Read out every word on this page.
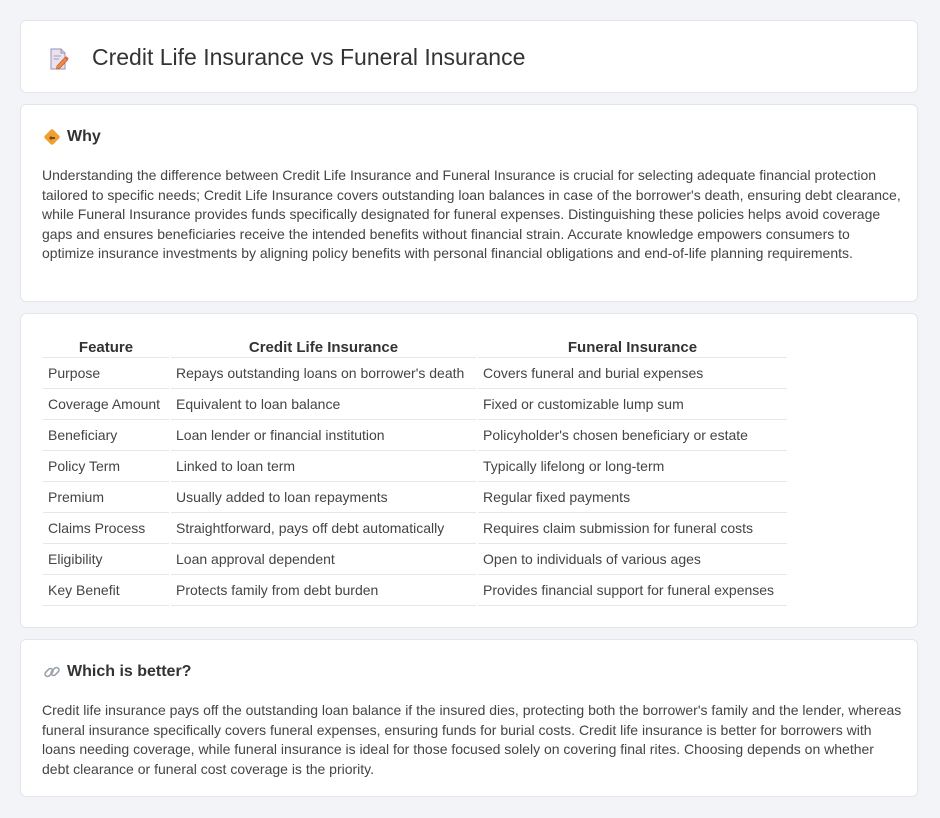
Credit Life Insurance vs Funeral Insurance
Why

Understanding the difference between Credit Life Insurance and Funeral Insurance is crucial for selecting adequate financial protection tailored to specific needs; Credit Life Insurance covers outstanding loan balances in case of the borrower's death, ensuring debt clearance, while Funeral Insurance provides funds specifically designated for funeral expenses. Distinguishing these policies helps avoid coverage gaps and ensures beneficiaries receive the intended benefits without financial strain. Accurate knowledge empowers consumers to optimize insurance investments by aligning policy benefits with personal financial obligations and end-of-life planning requirements.

Feature	Credit Life Insurance	Funeral Insurance
Purpose	Repays outstanding loans on borrower's death	Covers funeral and burial expenses
Coverage Amount	Equivalent to loan balance	Fixed or customizable lump sum
Beneficiary	Loan lender or financial institution	Policyholder's chosen beneficiary or estate
Policy Term	Linked to loan term	Typically lifelong or long-term
Premium	Usually added to loan repayments	Regular fixed payments
Claims Process	Straightforward, pays off debt automatically	Requires claim submission for funeral costs
Eligibility	Loan approval dependent	Open to individuals of various ages
Key Benefit	Protects family from debt burden	Provides financial support for funeral expenses
Which is better?

Credit life insurance pays off the outstanding loan balance if the insured dies, protecting both the borrower's family and the lender, whereas funeral insurance specifically covers funeral expenses, ensuring funds for burial costs. Credit life insurance is better for borrowers with loans needing coverage, while funeral insurance is ideal for those focused solely on covering final rites. Choosing depends on whether debt clearance or funeral cost coverage is the priority.
